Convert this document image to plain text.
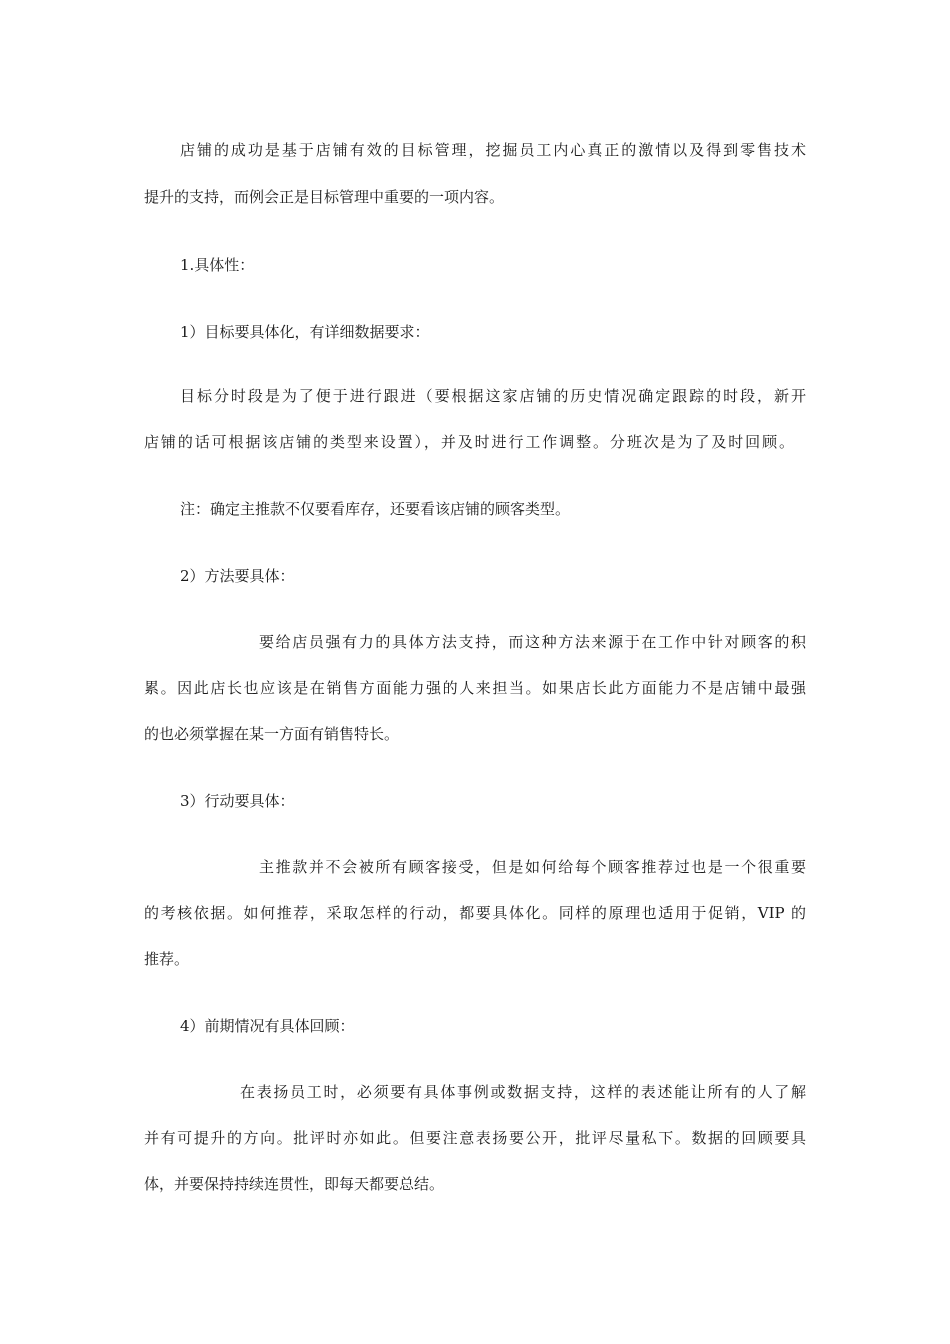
店铺的成功是基于店铺有效的目标管理，挖掘员工内心真正的激情以及得到零售技术
提升的支持，而例会正是目标管理中重要的一项内容。
1.具体性：
1）目标要具体化，有详细数据要求：
目标分时段是为了便于进行跟进（要根据这家店铺的历史情况确定跟踪的时段，新开
店铺的话可根据该店铺的类型来设置），并及时进行工作调整。分班次是为了及时回顾。
注：确定主推款不仅要看库存，还要看该店铺的顾客类型。
2）方法要具体：
要给店员强有力的具体方法支持，而这种方法来源于在工作中针对顾客的积
累。因此店长也应该是在销售方面能力强的人来担当。如果店长此方面能力不是店铺中最强
的也必须掌握在某一方面有销售特长。
3）行动要具体：
主推款并不会被所有顾客接受，但是如何给每个顾客推荐过也是一个很重要
的考核依据。如何推荐，采取怎样的行动，都要具体化。同样的原理也适用于促销，VIP 的
推荐。
4）前期情况有具体回顾：
在表扬员工时，必须要有具体事例或数据支持，这样的表述能让所有的人了解
并有可提升的方向。批评时亦如此。但要注意表扬要公开，批评尽量私下。数据的回顾要具
体，并要保持持续连贯性，即每天都要总结。
